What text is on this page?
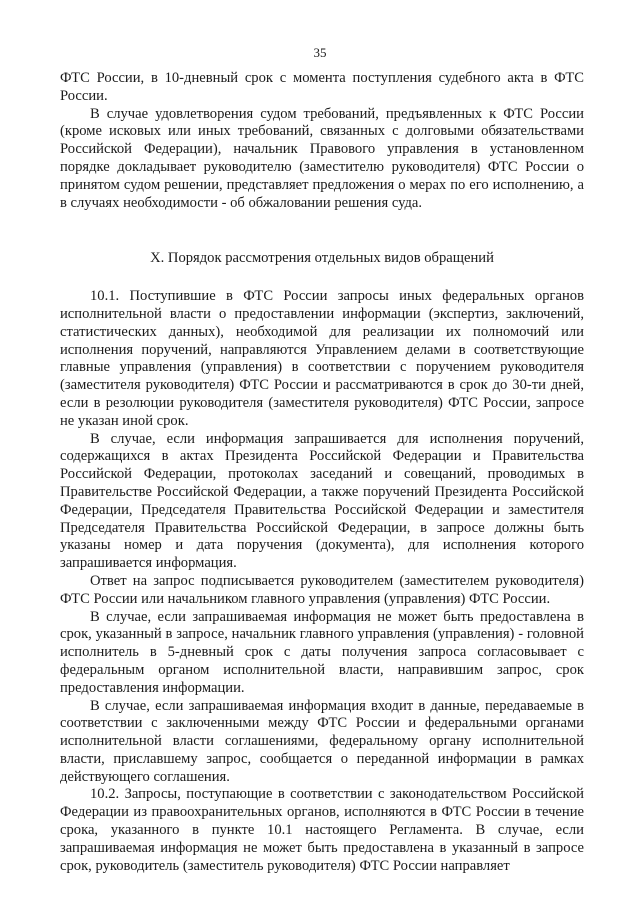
35

ФТС России, в 10-дневный срок с момента поступления судебного акта в ФТС России.

В случае удовлетворения судом требований, предъявленных к ФТС России (кроме исковых или иных требований, связанных с долговыми обязательствами Российской Федерации), начальник Правового управления в установленном порядке докладывает руководителю (заместителю руководителя) ФТС России о принятом судом решении, представляет предложения о мерах по его исполнению, а в случаях необходимости - об обжаловании решения суда.

X. Порядок рассмотрения отдельных видов обращений

10.1. Поступившие в ФТС России запросы иных федеральных органов исполнительной власти о предоставлении информации (экспертиз, заключений, статистических данных), необходимой для реализации их полномочий или исполнения поручений, направляются Управлением делами в соответствующие главные управления (управления) в соответствии с поручением руководителя (заместителя руководителя) ФТС России и рассматриваются в срок до 30-ти дней, если в резолюции руководителя (заместителя руководителя) ФТС России, запросе не указан иной срок.

В случае, если информация запрашивается для исполнения поручений, содержащихся в актах Президента Российской Федерации и Правительства Российской Федерации, протоколах заседаний и совещаний, проводимых в Правительстве Российской Федерации, а также поручений Президента Российской Федерации, Председателя Правительства Российской Федерации и заместителя Председателя Правительства Российской Федерации, в запросе должны быть указаны номер и дата поручения (документа), для исполнения которого запрашивается информация.

Ответ на запрос подписывается руководителем (заместителем руководителя) ФТС России или начальником главного управления (управления) ФТС России.

В случае, если запрашиваемая информация не может быть предоставлена в срок, указанный в запросе, начальник главного управления (управления) - головной исполнитель в 5-дневный срок с даты получения запроса согласовывает с федеральным органом исполнительной власти, направившим запрос, срок предоставления информации.

В случае, если запрашиваемая информация входит в данные, передаваемые в соответствии с заключенными между ФТС России и федеральными органами исполнительной власти соглашениями, федеральному органу исполнительной власти, приславшему запрос, сообщается о переданной информации в рамках действующего соглашения.

10.2. Запросы, поступающие в соответствии с законодательством Российской Федерации из правоохранительных органов, исполняются в ФТС России в течение срока, указанного в пункте 10.1 настоящего Регламента. В случае, если запрашиваемая информация не может быть предоставлена в указанный в запросе срок, руководитель (заместитель руководителя) ФТС России направляет
